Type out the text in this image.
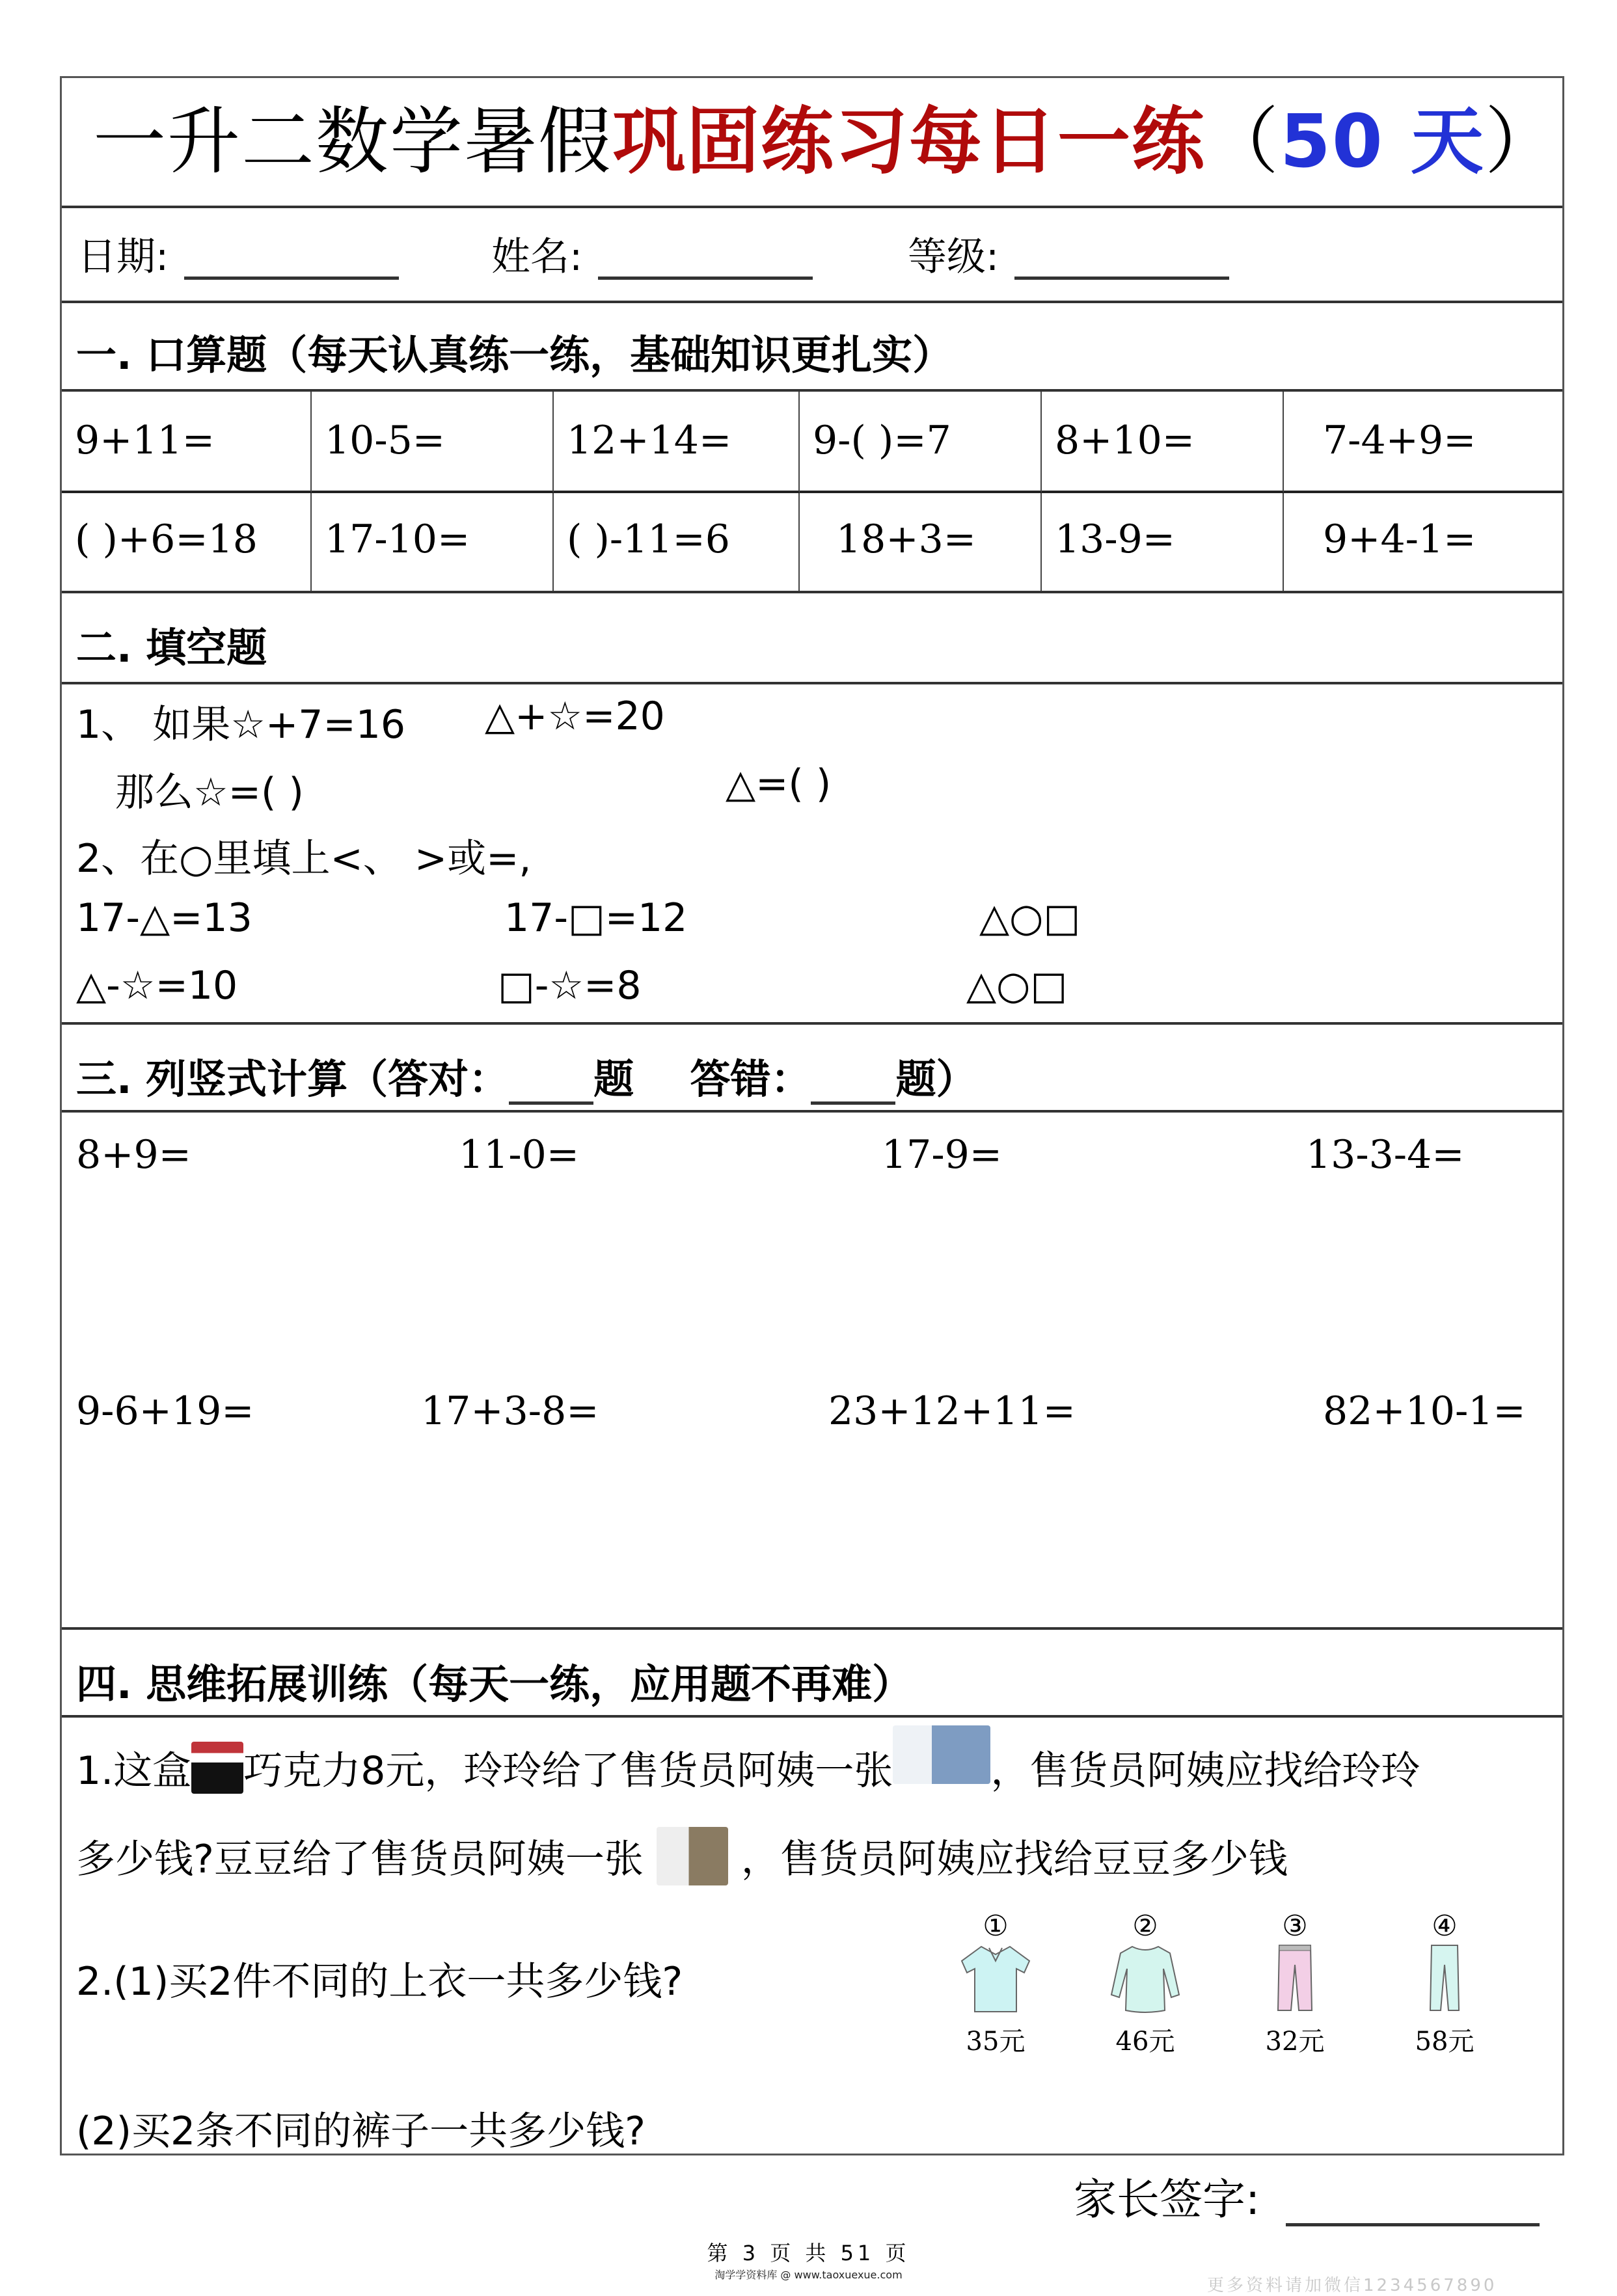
一升二数学暑假巩固练习每日一练（50 天）
日期:	姓名:	等级:
一. 口算题（每天认真练一练，基础知识更扎实）
9+11=	10-5=	12+14=	9-( )=7	8+10=	7-4+9=
( )+6=18	17-10=	( )-11=6	18+3=	13-9=	9+4-1=
二. 填空题
1、 如果☆+7=16 △+☆=20
那么☆=( )	△=( )
2、在○里填上<、 >或=,
17-△=13	17-□=12	△○□
△-☆=10	□-☆=8	△○□
三. 列竖式计算（答对： 题    答错： 题）
8+9=	11-0=	17-9=	13-3-4=
9-6+19=	17+3-8=	23+12+11=	82+10-1=
四. 思维拓展训练（每天一练，应用题不再难）
1.这盒 巧克力8元，玲玲给了售货员阿姨一张	，售货员阿姨应找给玲玲
多少钱?豆豆给了售货员阿姨一张	，售货员阿姨应找给豆豆多少钱
2.(1)买2件不同的上衣一共多少钱?
(2)买2条不同的裤子一共多少钱?
①
35元
②
46元
③
32元
④
58元
家长签字:
第 3 页 共 51 页
淘学学资料库 @ www.taoxuexue.com
更多资料请加微信1234567890
